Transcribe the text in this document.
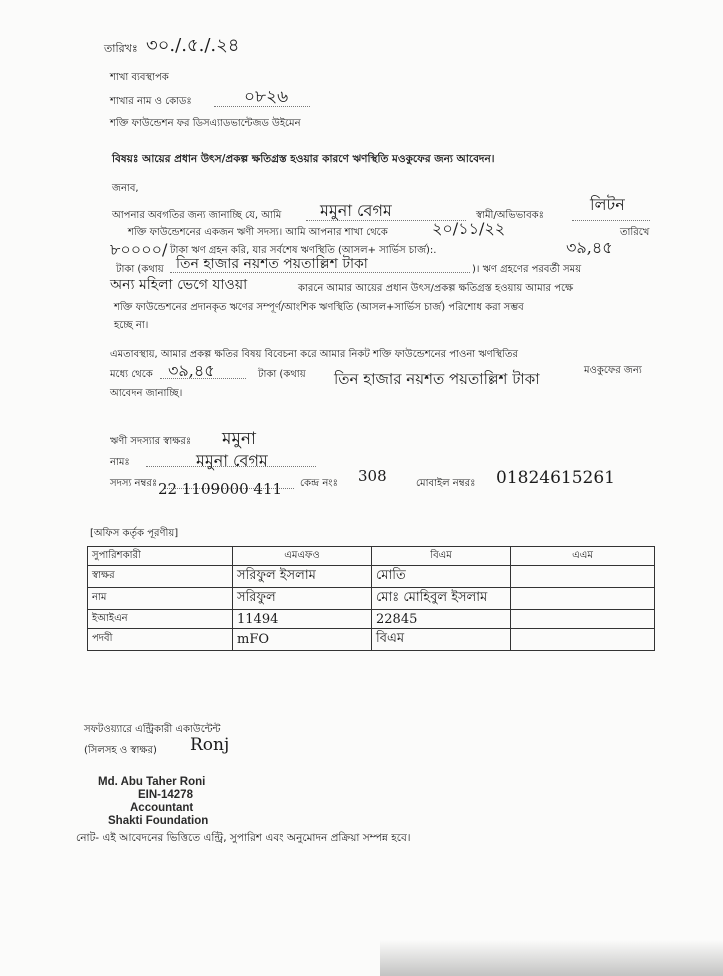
তারিখঃ ৩০./.৫./.২৪
শাখা ব্যবস্থাপক
শাখার নাম ও কোডঃ	০৮২৬
শক্তি ফাউন্ডেশন ফর ডিসএ্যাডভান্টেজড উইমেন
বিষয়ঃ আয়ের প্রধান উৎস/প্রকল্প ক্ষতিগ্রস্ত হওয়ার কারণে ঋণস্থিতি মওকুফের জন্য আবেদন।
জনাব,
আপনার অবগতির জন্য জানাচ্ছি যে, আমি মমুনা বেগম	স্বামী/অভিভাবকঃ
লিটন
শক্তি ফাউন্ডেশনের একজন ঋণী সদস্য। আমি আপনার শাখা থেকে	২০/১১/২২	তারিখে
৮০০০০/ টাকা ঋণ গ্রহন করি, যার সর্বশেষ ঋণস্থিতি (আসল+ সার্ভিস চার্জ):.	৩৯,৪৫
টাকা (কথায় তিন হাজার নয়শত পয়তাল্লিশ টাকা	)। ঋণ গ্রহণের পরবর্তী সময়
অন্য মহিলা ভেগে যাওয়া	কারনে আমার আয়ের প্রধান উৎস/প্রকল্প ক্ষতিগ্রস্ত হওয়ায় আমার পক্ষে
শক্তি ফাউন্ডেশনের প্রদানকৃত ঋণের সম্পূর্ণ/আংশিক ঋণস্থিতি (আসল+সার্ভিস চার্জ) পরিশোধ করা সম্ভব
হচ্ছে না।
এমতাবস্থায়, আমার প্রকল্প ক্ষতির বিষয় বিবেচনা করে আমার নিকট শক্তি ফাউন্ডেশনের পাওনা ঋণস্থিতির
মধ্যে থেকে ৩৯,৪৫	টাকা (কথায় তিন হাজার নয়শত পয়তাল্লিশ টাকা	মওকুফের জন্য
আবেদন জানাচ্ছি।
ঋণী সদস্যার স্বাক্ষরঃ মমুনা
নামঃ	মমুনা বেগম
সদস্য নম্বরঃ 22 1109000 411 কেন্দ্র নংঃ 308	মোবাইল নম্বরঃ 01824615261
[অফিস কর্তৃক পূরণীয়]
সুপারিশকারী	এমএফও	বিএম	এএম
স্বাক্ষর	সরিফুল ইসলাম	মোতি	
নাম	সরিফুল	মোঃ মোহিবুল ইসলাম	
ইআইএন	11494	22845	
পদবী	mFO	বিএম	
সফটওয়্যারে এন্ট্রিকারী একাউন্টেন্ট
(সিলসহ ও স্বাক্ষর) Ronj
Md. Abu Taher Roni
EIN-14278
Accountant
Shakti Foundation
নোট- এই আবেদনের ভিত্তিতে এন্ট্রি, সুপারিশ এবং অনুমোদন প্রক্রিয়া সম্পন্ন হবে।
